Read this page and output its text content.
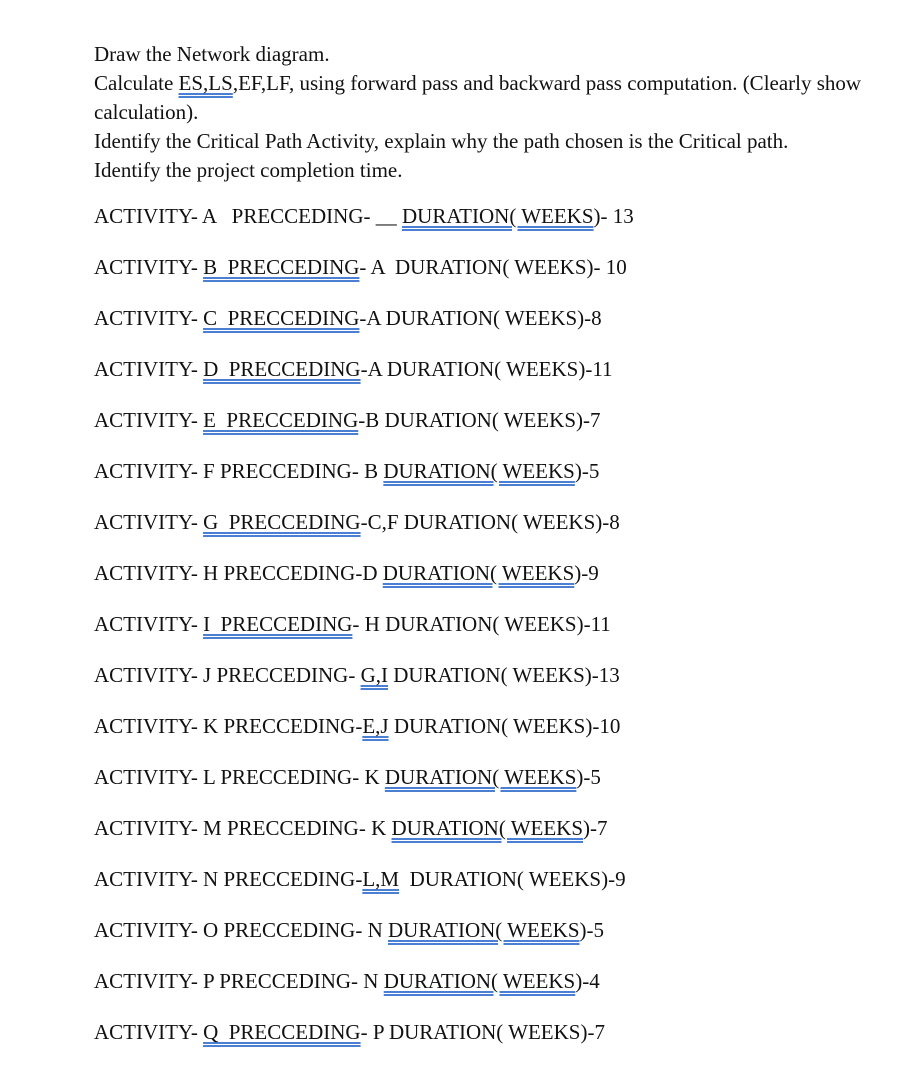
Draw the Network diagram.
Calculate ES,LS,EF,LF, using forward pass and backward pass computation. (Clearly show
calculation).
Identify the Critical Path Activity, explain why the path chosen is the Critical path.
Identify the project completion time.
ACTIVITY- A   PRECCEDING- __ DURATION( WEEKS)- 13
ACTIVITY- B  PRECCEDING- A  DURATION( WEEKS)- 10
ACTIVITY- C  PRECCEDING-A DURATION( WEEKS)-8
ACTIVITY- D  PRECCEDING-A DURATION( WEEKS)-11
ACTIVITY- E  PRECCEDING-B DURATION( WEEKS)-7
ACTIVITY- F PRECCEDING- B DURATION( WEEKS)-5
ACTIVITY- G  PRECCEDING-C,F DURATION( WEEKS)-8
ACTIVITY- H PRECCEDING-D DURATION( WEEKS)-9
ACTIVITY- I  PRECCEDING- H DURATION( WEEKS)-11
ACTIVITY- J PRECCEDING- G,I DURATION( WEEKS)-13
ACTIVITY- K PRECCEDING-E,J DURATION( WEEKS)-10
ACTIVITY- L PRECCEDING- K DURATION( WEEKS)-5
ACTIVITY- M PRECCEDING- K DURATION( WEEKS)-7
ACTIVITY- N PRECCEDING-L,M  DURATION( WEEKS)-9
ACTIVITY- O PRECCEDING- N DURATION( WEEKS)-5
ACTIVITY- P PRECCEDING- N DURATION( WEEKS)-4
ACTIVITY- Q  PRECCEDING- P DURATION( WEEKS)-7
